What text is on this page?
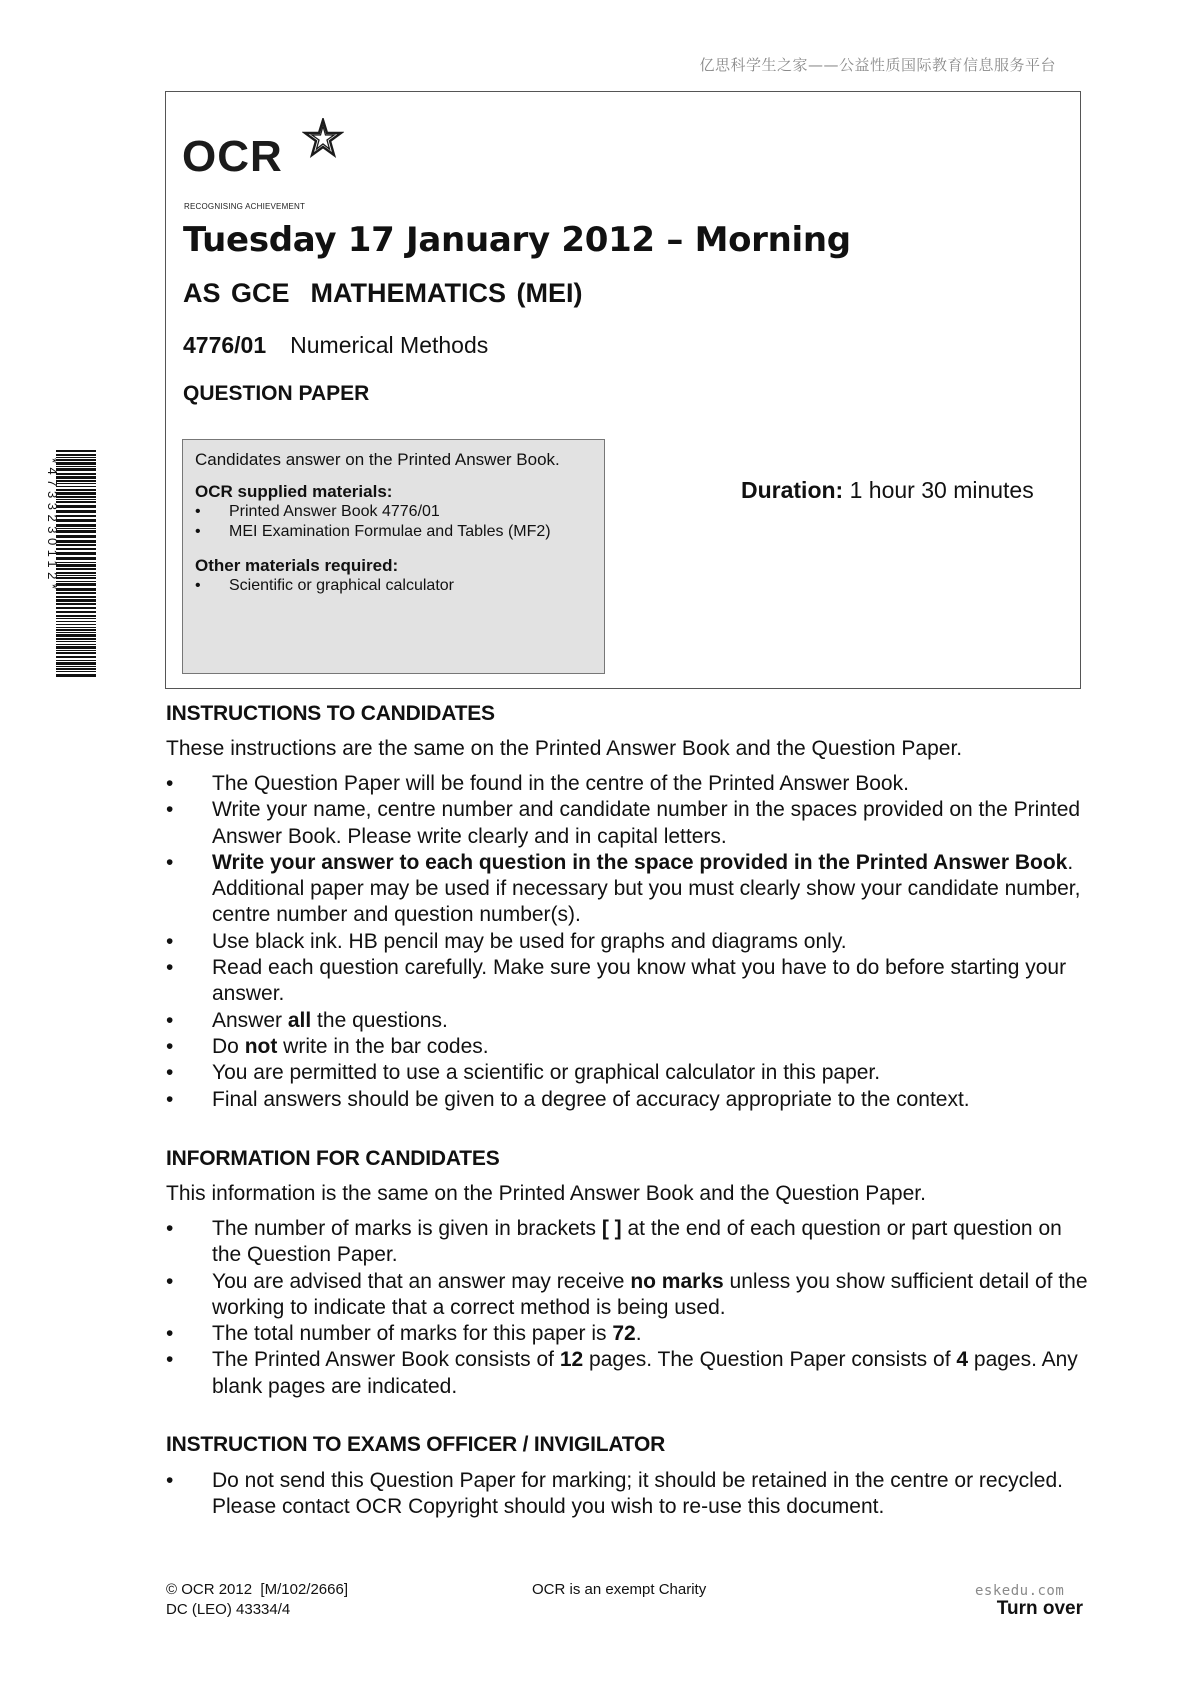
亿思科学生之家——公益性质国际教育信息服务平台
*4733230112*
OCR
RECOGNISING ACHIEVEMENT
Tuesday 17 January 2012 – Morning
AS GCE  MATHEMATICS (MEI)
4776/01 Numerical Methods
QUESTION PAPER

Candidates answer on the Printed Answer Book.

OCR supplied materials:

• Printed Answer Book 4776/01
• MEI Examination Formulae and Tables (MF2)

Other materials required:

• Scientific or graphical calculator
Duration: 1 hour 30 minutes
INSTRUCTIONS TO CANDIDATES
These instructions are the same on the Printed Answer Book and the Question Paper.
• The Question Paper will be found in the centre of the Printed Answer Book.
• Write your name, centre number and candidate number in the spaces provided on the Printed Answer Book. Please write clearly and in capital letters.
• Write your answer to each question in the space provided in the Printed Answer Book. Additional paper may be used if necessary but you must clearly show your candidate number, centre number and question number(s).
• Use black ink. HB pencil may be used for graphs and diagrams only.
• Read each question carefully. Make sure you know what you have to do before starting your answer.
• Answer all the questions.
• Do not write in the bar codes.
• You are permitted to use a scientific or graphical calculator in this paper.
• Final answers should be given to a degree of accuracy appropriate to the context.
INFORMATION FOR CANDIDATES
This information is the same on the Printed Answer Book and the Question Paper.
• The number of marks is given in brackets [ ] at the end of each question or part question on the Question Paper.
• You are advised that an answer may receive no marks unless you show sufficient detail of the working to indicate that a correct method is being used.
• The total number of marks for this paper is 72.
• The Printed Answer Book consists of 12 pages. The Question Paper consists of 4 pages. Any blank pages are indicated.
INSTRUCTION TO EXAMS OFFICER / INVIGILATOR
• Do not send this Question Paper for marking; it should be retained in the centre or recycled. Please contact OCR Copyright should you wish to re-use this document.
© OCR 2012  [M/102/2666]
DC (LEO) 43334/4
OCR is an exempt Charity	eskedu.com
Turn over
